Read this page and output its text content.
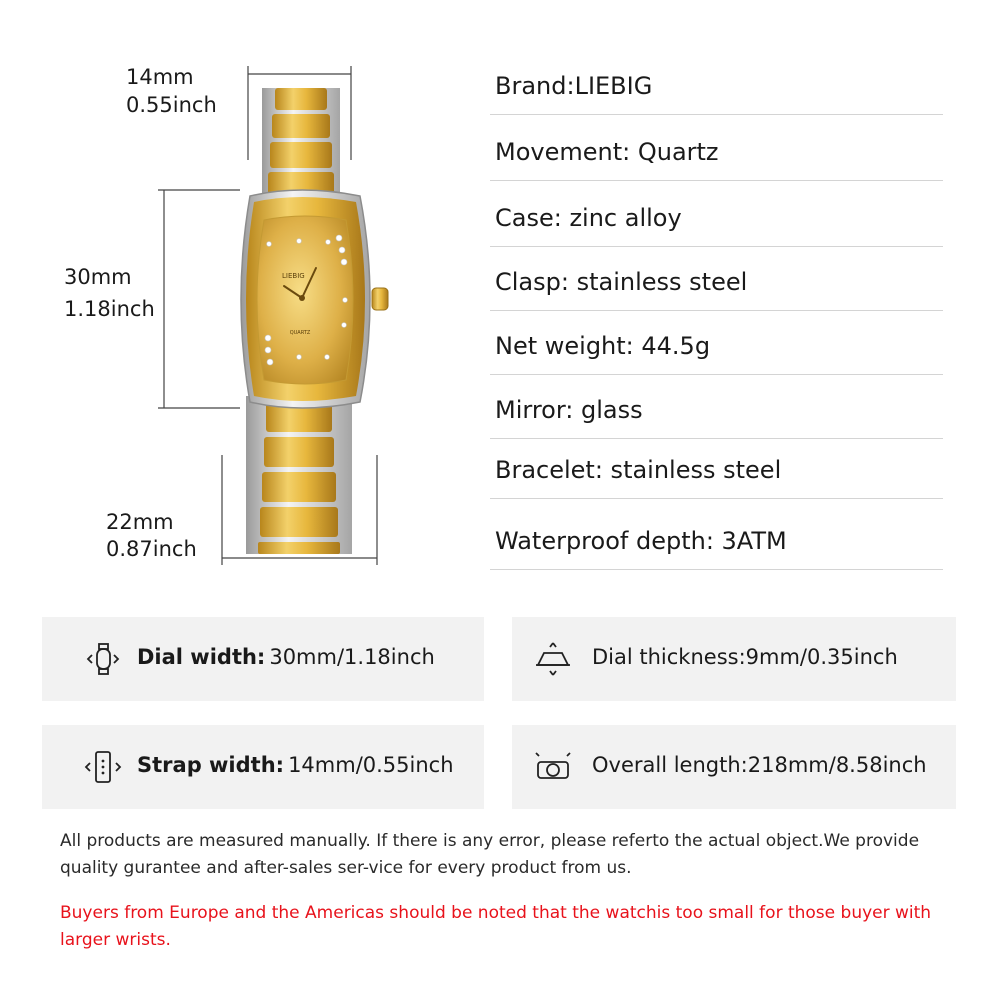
14mm
0.55inch
30mm
1.18inch
22mm
0.87inch
LIEBIG
QUARTZ
Brand:LIEBIG
Movement: Quartz
Case: zinc alloy
Clasp: stainless steel
Net weight: 44.5g
Mirror: glass
Bracelet: stainless steel
Waterproof depth: 3ATM
Dial width: 30mm/1.18inch	Dial thickness:9mm/0.35inch
Strap width: 14mm/0.55inch	Overall length:218mm/8.58inch
All products are measured manually. If there is any error, please referto the actual object.We provide quality gurantee and after-sales ser-vice for every product from us.
Buyers from Europe and the Americas should be noted that the watchis too small for those buyer with larger wrists.
